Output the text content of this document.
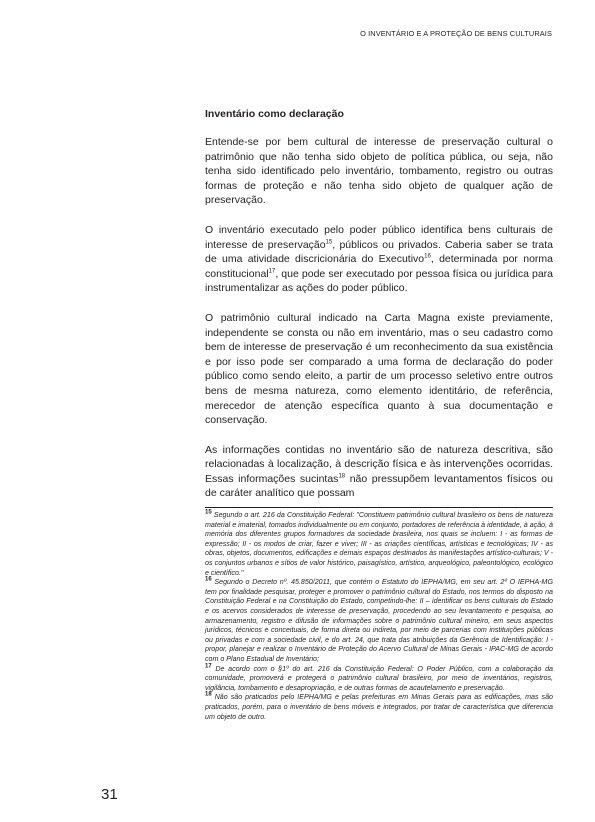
O INVENTÁRIO E A PROTEÇÃO DE BENS CULTURAIS
Inventário como declaração

Entende-se por bem cultural de interesse de preservação cultural o patrimônio que não tenha sido objeto de política pública, ou seja, não tenha sido identificado pelo inventário, tombamento, registro ou outras formas de proteção e não tenha sido objeto de qualquer ação de preservação.

O inventário executado pelo poder público identifica bens culturais de interesse de preservação$^{15}$, públicos ou privados. Caberia saber se trata de uma atividade discricionária do Executivo$^{16}$, determinada por norma constitucional$^{17}$, que pode ser executado por pessoa física ou jurídica para instrumentalizar as ações do poder público.

O patrimônio cultural indicado na Carta Magna existe previamente, independente se consta ou não em inventário, mas o seu cadastro como bem de interesse de preservação é um reconhecimento da sua existência e por isso pode ser comparado a uma forma de declaração do poder público como sendo eleito, a partir de um processo seletivo entre outros bens de mesma natureza, como elemento identitário, de referência, merecedor de atenção específica quanto à sua documentação e conservação.

As informações contidas no inventário são de natureza descritiva, são relacionadas à localização, à descrição física e às intervenções ocorridas. Essas informações sucintas$^{18}$ não pressupõem levantamentos físicos ou de caráter analítico que possam

$^{15}$ Segundo o art. 216 da Constituição Federal: "Constituem patrimônio cultural brasileiro os bens de natureza material e imaterial, tomados individualmente ou em conjunto, portadores de referência à identidade, à ação, à memória dos diferentes grupos formadores da sociedade brasileira, nos quais se incluem: I - as formas de expressão; II - os modos de criar, fazer e viver; III - as criações científicas, artísticas e tecnológicas; IV - as obras, objetos, documentos, edificações e demais espaços destinados às manifestações artístico-culturais; V - os conjuntos urbanos e sítios de valor histórico, paisagístico, artístico, arqueológico, paleontológico, ecológico e científico."

$^{16}$ Segundo o Decreto nº. 45.850/2011, que contém o Estatuto do IEPHA/MG, em seu art. 2º O IEPHA-MG tem por finalidade pesquisar, proteger e promover o patrimônio cultural do Estado, nos termos do disposto na Constituição Federal e na Constituição do Estado, competindo-lhe: II – identificar os bens culturais do Estado e os acervos considerados de interesse de preservação, procedendo ao seu levantamento e pesquisa, ao armazenamento, registro e difusão de informações sobre o patrimônio cultural mineiro, em seus aspectos jurídicos, técnicos e conceituais, de forma direta ou indireta, por meio de parcerias com instituições públicas ou privadas e com a sociedade civil, e do art. 24, que trata das atribuições da Gerência de Identificação: I - propor, planejar e realizar o Inventário de Proteção do Acervo Cultural de Minas Gerais - IPAC-MG de acordo com o Plano Estadual de Inventário;

$^{17}$ De acordo com o §1º do art. 216 da Constituição Federal: O Poder Público, com a colaboração da comunidade, promoverá e protegerá o patrimônio cultural brasileiro, por meio de inventários, registros, vigilância, tombamento e desapropriação, e de outras formas de acautelamento e preservação.

$^{18}$ Não são praticados pelo IEPHA/MG e pelas prefeituras em Minas Gerais para as edificações, mas são praticados, porém, para o inventário de bens móveis e integrados, por tratar de característica que diferencia um objeto de outro.

31
